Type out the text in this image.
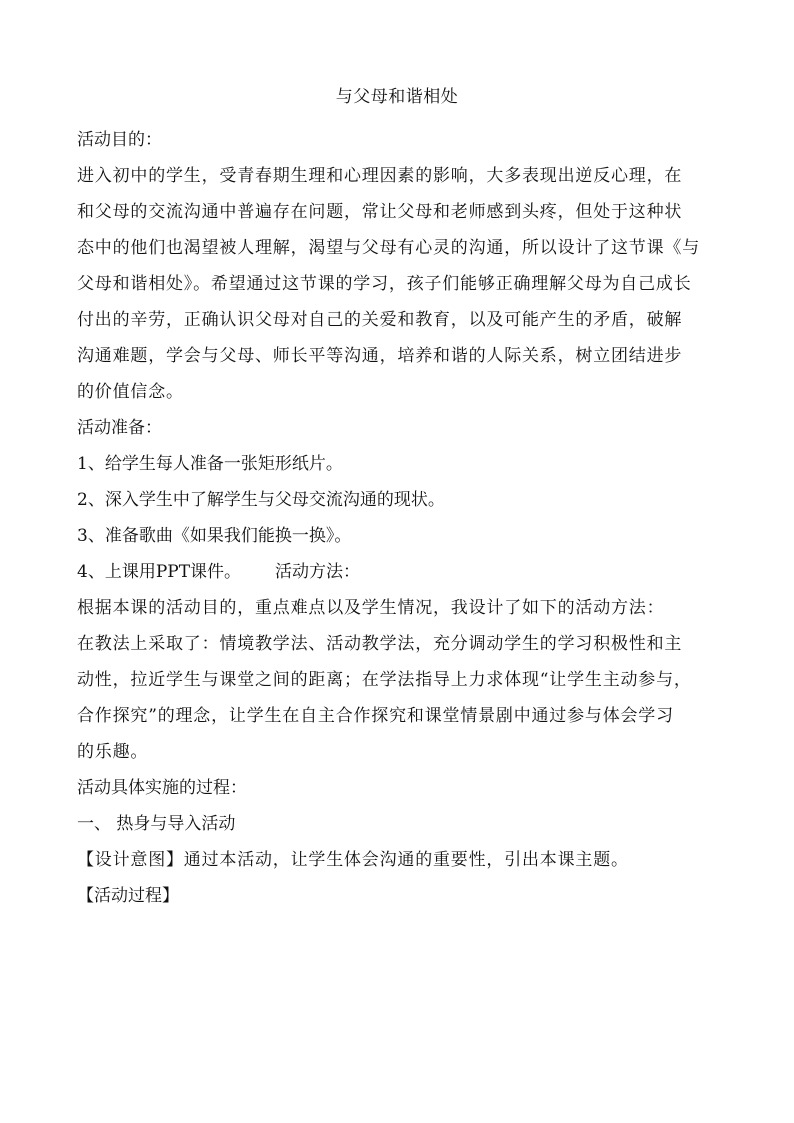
与父母和谐相处
活动目的：
进入初中的学生，受青春期生理和心理因素的影响，大多表现出逆反心理，在
和父母的交流沟通中普遍存在问题，常让父母和老师感到头疼，但处于这种状
态中的他们也渴望被人理解，渴望与父母有心灵的沟通，所以设计了这节课《与
父母和谐相处》。希望通过这节课的学习，孩子们能够正确理解父母为自己成长
付出的辛劳，正确认识父母对自己的关爱和教育，以及可能产生的矛盾，破解
沟通难题，学会与父母、师长平等沟通，培养和谐的人际关系，树立团结进步
的价值信念。
活动准备：
1、给学生每人准备一张矩形纸片。
2、深入学生中了解学生与父母交流沟通的现状。
3、准备歌曲《如果我们能换一换》。
4、上课用PPT课件。 活动方法：
根据本课的活动目的，重点难点以及学生情况，我设计了如下的活动方法：
在教法上采取了：情境教学法、活动教学法，充分调动学生的学习积极性和主
动性，拉近学生与课堂之间的距离；在学法指导上力求体现“让学生主动参与，
合作探究”的理念，让学生在自主合作探究和课堂情景剧中通过参与体会学习
的乐趣。
活动具体实施的过程：
一、 热身与导入活动
【设计意图】通过本活动，让学生体会沟通的重要性，引出本课主题。
【活动过程】
